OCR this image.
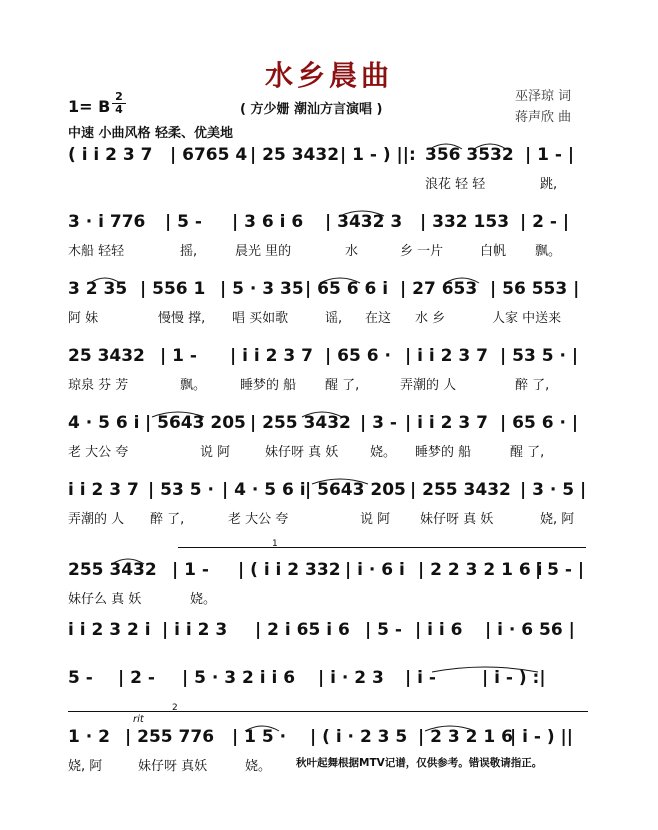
水乡晨曲
巫泽琼 词
蒋声欣 曲
1= B
2
4	( 方少姗 潮汕方言演唱 )
中速 小曲风格 轻柔、优美地
( i i 2 3 7 | 6765 4 | 25 3432 | 1 - ) ||: 356 3532 | 1 - |
浪花 轻 轻	跳,
3 · i 776 | 5 - | 3 6 i 6 | 3432 3 | 332 153 | 2 - |
木船 轻轻	摇,	晨光 里的	水	乡 一片	白帆 飘。
3 2 35 | 556 1 | 5 · 3 35 | 65 6 6 i | 27 653 | 56 553 |
阿 妹	慢慢 撑, 唱 买如歌	谣, 在这 水 乡	人家 中送来
25 3432 | 1 - | i i 2 3 7 | 65 6 · | i i 2 3 7 | 53 5 · |
琼泉 芬 芳	飘。	睡梦的 船 醒 了,	弄潮的 人	醉 了,
4 · 5 6 i | 5643 205 | 255 3432 | 3 - | i i 2 3 7 | 65 6 · |
老 大公 夸	说 阿	妹仔呀 真 妖 娆。 睡梦的 船	醒 了,
i i 2 3 7 | 53 5 · | 4 · 5 6 i | 5643 205 | 255 3432 | 3 · 5 |
弄潮的 人 醉 了,	老 大公 夸	说 阿 妹仔呀 真 妖	娆, 阿
1
255 3432 | 1 - | ( i i 2 332 | i · 6 i | 2 2 3 2 1 6 i
| 5 - |
妹仔么 真 妖	娆。
i i 2 3 2 i | i i 2 3 | 2 i 65 i 6 | 5 - | i i 6 | i · 6 56 |
5 - | 2 - | 5 · 3 2 i i 6 | i · 2 3 | i -	| i - ) :|
2
rit
1 · 2 | 255 776 | 1 5 · | ( i · 2 3 5 | 2 3 2 1 6
| i - ) ||
娆, 阿	妹仔呀 真妖	娆。 秋叶起舞根据MTV记谱，仅供参考。错误敬请指正。
